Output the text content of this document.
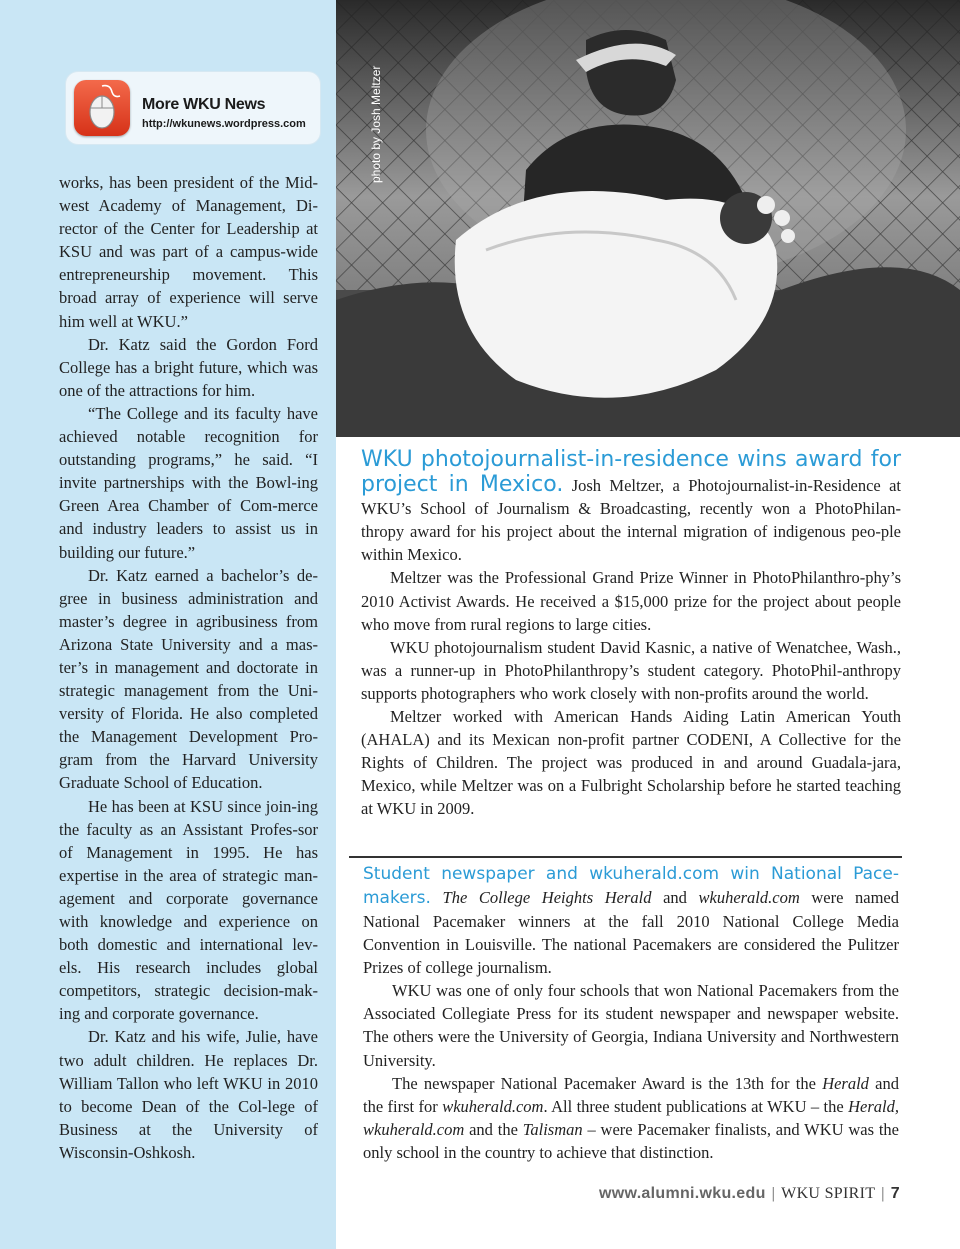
More WKU News
http://wkunews.wordpress.com

works, has been president of the Mid-west Academy of Management, Di-rector of the Center for Leadership at KSU and was part of a campus-wide entrepreneurship movement. This broad array of experience will serve him well at WKU.”

Dr. Katz said the Gordon Ford College has a bright future, which was one of the attractions for him.

“The College and its faculty have achieved notable recognition for outstanding programs,” he said. “I invite partnerships with the Bowl-ing Green Area Chamber of Com-merce and industry leaders to assist us in building our future.”

Dr. Katz earned a bachelor’s de-gree in business administration and master’s degree in agribusiness from Arizona State University and a mas-ter’s in management and doctorate in strategic management from the Uni-versity of Florida. He also completed the Management Development Pro-gram from the Harvard University Graduate School of Education.

He has been at KSU since join-ing the faculty as an Assistant Profes-sor of Management in 1995. He has expertise in the area of strategic man-agement and corporate governance with knowledge and experience on both domestic and international lev-els. His research includes global competitors, strategic decision-mak-ing and corporate governance.

Dr. Katz and his wife, Julie, have two adult children. He replaces Dr. William Tallon who left WKU in 2010 to become Dean of the Col-lege of Business at the University of Wisconsin-Oshkosh.

photo by Josh Meltzer

WKU photojournalist-in-residence wins award for project in Mexico. Josh Meltzer, a Photojournalist-in-Residence at WKU’s School of Journalism & Broadcasting, recently won a PhotoPhilan-thropy award for his project about the internal migration of indigenous peo-ple within Mexico.

Meltzer was the Professional Grand Prize Winner in PhotoPhilanthro-phy’s 2010 Activist Awards. He received a $15,000 prize for the project about people who move from rural regions to large cities.

WKU photojournalism student David Kasnic, a native of Wenatchee, Wash., was a runner-up in PhotoPhilanthropy’s student category. PhotoPhil-anthropy supports photographers who work closely with non-profits around the world.

Meltzer worked with American Hands Aiding Latin American Youth (AHALA) and its Mexican non-profit partner CODENI, A Collective for the Rights of Children. The project was produced in and around Guadala-jara, Mexico, while Meltzer was on a Fulbright Scholarship before he started teaching at WKU in 2009.

Student newspaper and wkuherald.com win National Pace-makers. The College Heights Herald and wkuherald.com were named National Pacemaker winners at the fall 2010 National College Media Convention in Louisville. The national Pacemakers are considered the Pulitzer Prizes of college journalism.

WKU was one of only four schools that won National Pacemakers from the Associated Collegiate Press for its student newspaper and newspaper website. The others were the University of Georgia, Indiana University and Northwestern University.

The newspaper National Pacemaker Award is the 13th for the Herald and the first for wkuherald.com. All three student publications at WKU – the Herald, wkuherald.com and the Talisman – were Pacemaker finalists, and WKU was the only school in the country to achieve that distinction.

www.alumni.wku.edu | WKU SPIRIT | 7
